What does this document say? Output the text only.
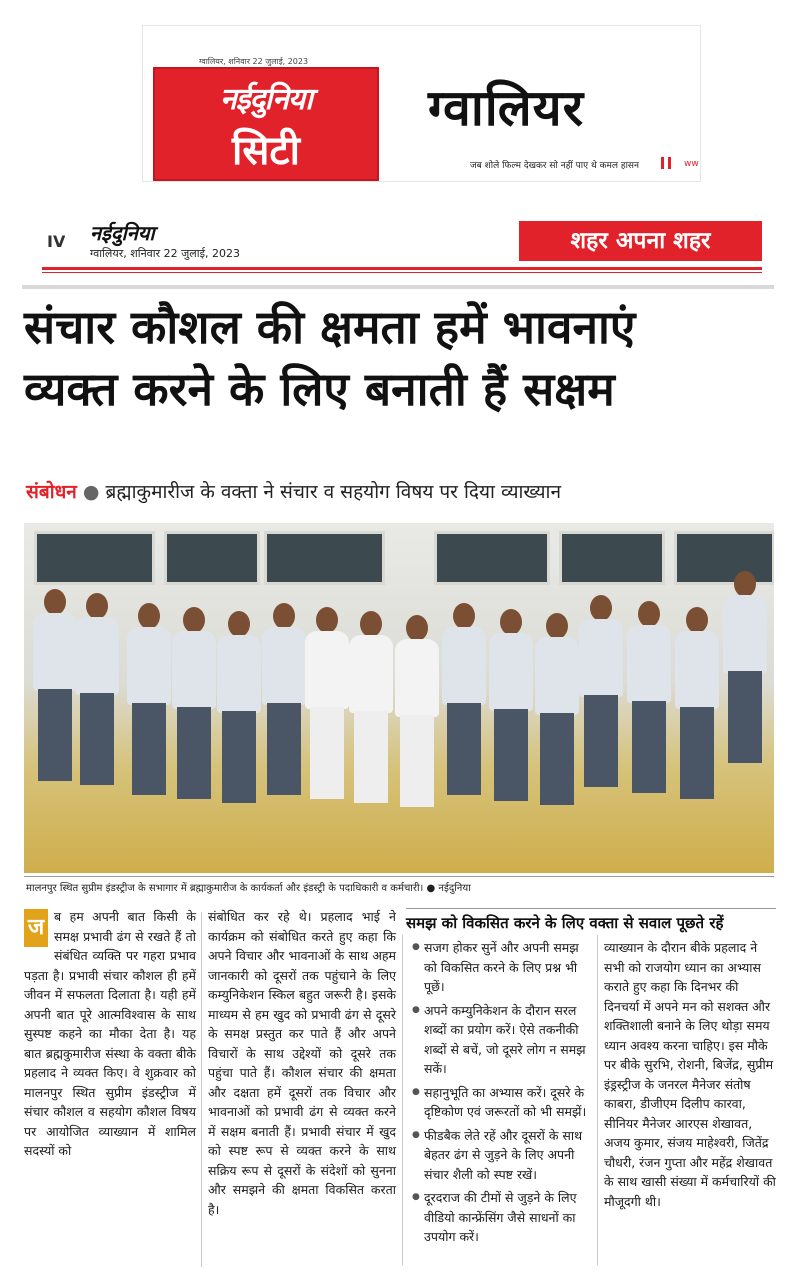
ग्वालियर, शनिवार 22 जुलाई, 2023
नईदुनिया
सिटी
ग्वालियर
जब शोले फिल्म देखकर सो नहीं पाए थे कमल हासन	ww
IV नईदुनिया
ग्वालियर, शनिवार 22 जुलाई, 2023	शहर अपना शहर
संचार कौशल की क्षमता हमें भावनाएं
व्यक्त करने के लिए बनाती हैं सक्षम
संबोधन ● ब्रह्माकुमारीज के वक्ता ने संचार व सहयोग विषय पर दिया व्याख्यान
मालनपुर स्थित सुप्रीम इंडस्ट्रीज के सभागार में ब्रह्माकुमारीज के कार्यकर्ता और इंडस्ट्री के पदाधिकारी व कर्मचारी। ● नईदुनिया
ज ब हम अपनी बात किसी के समक्ष प्रभावी ढंग से रखते हैं तो संबंधित व्यक्ति पर गहरा प्रभाव पड़ता है। प्रभावी संचार कौशल ही हमें जीवन में सफलता दिलाता है। यही हमें अपनी बात पूरे आत्मविश्वास के साथ सुस्पष्ट कहने का मौका देता है। यह बात ब्रह्मकुमारीज संस्था के वक्ता बीके प्रहलाद ने व्यक्त किए। वे शुक्रवार को मालनपुर स्थित सुप्रीम इंडस्ट्रीज में संचार कौशल व सहयोग कौशल विषय पर आयोजित व्याख्यान में शामिल सदस्यों को
संबोधित कर रहे थे। प्रहलाद भाई ने कार्यक्रम को संबोधित करते हुए कहा कि अपने विचार और भावनाओं के साथ अहम जानकारी को दूसरों तक पहुंचाने के लिए कम्युनिकेशन स्किल बहुत जरूरी है। इसके माध्यम से हम खुद को प्रभावी ढंग से दूसरे के समक्ष प्रस्तुत कर पाते हैं और अपने विचारों के साथ उद्देश्यों को दूसरे तक पहुंचा पाते हैं। कौशल संचार की क्षमता और दक्षता हमें दूसरों तक विचार और भावनाओं को प्रभावी ढंग से व्यक्त करने में सक्षम बनाती हैं। प्रभावी संचार में खुद को स्पष्ट रूप से व्यक्त करने के साथ सक्रिय रूप से दूसरों के संदेशों को सुनना और समझने की क्षमता विकसित करता है।
समझ को विकसित करने के लिए वक्ता से सवाल पूछते रहें
● सजग होकर सुनें और अपनी समझ को विकसित करने के लिए प्रश्न भी पूछें।
● अपने कम्युनिकेशन के दौरान सरल शब्दों का प्रयोग करें। ऐसे तकनीकी शब्दों से बचें, जो दूसरे लोग न समझ सकें।
● सहानुभूति का अभ्यास करें। दूसरे के दृष्टिकोण एवं जरूरतों को भी समझें।
● फीडबैक लेते रहें और दूसरों के साथ बेहतर ढंग से जुड़ने के लिए अपनी संचार शैली को स्पष्ट रखें।
● दूरदराज की टीमों से जुड़ने के लिए वीडियो कान्फ्रेंसिंग जैसे साधनों का उपयोग करें।
व्याख्यान के दौरान बीके प्रहलाद ने सभी को राजयोग ध्यान का अभ्यास कराते हुए कहा कि दिनभर की दिनचर्या में अपने मन को सशक्त और शक्तिशाली बनाने के लिए थोड़ा समय ध्यान अवश्य करना चाहिए। इस मौके पर बीके सुरभि, रोशनी, बिजेंद्र, सुप्रीम इंड्रस्ट्रीज के जनरल मैनेजर संतोष काबरा, डीजीएम दिलीप कारवा, सीनियर मैनेजर आरएस शेखावत, अजय कुमार, संजय माहेश्वरी, जितेंद्र चौधरी, रंजन गुप्ता और महेंद्र शेखावत के साथ खासी संख्या में कर्मचारियों की मौजूदगी थी।
